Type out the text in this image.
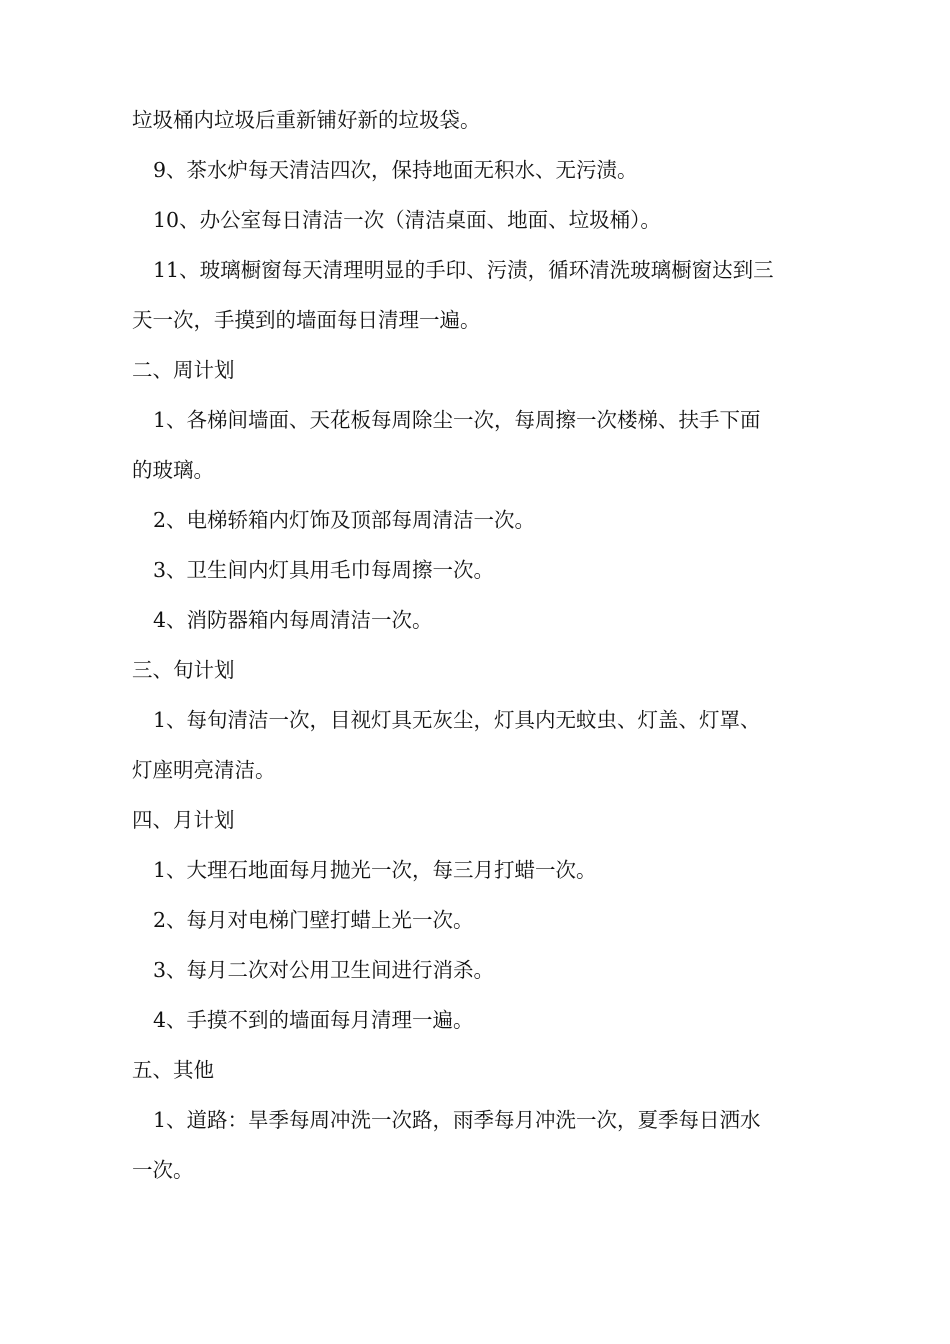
垃圾桶内垃圾后重新铺好新的垃圾袋。
9、茶水炉每天清洁四次，保持地面无积水、无污渍。
10、办公室每日清洁一次（清洁桌面、地面、垃圾桶）。
11、玻璃橱窗每天清理明显的手印、污渍，循环清洗玻璃橱窗达到三
天一次，手摸到的墙面每日清理一遍。
二、周计划
1、各梯间墙面、天花板每周除尘一次，每周擦一次楼梯、扶手下面
的玻璃。
2、电梯轿箱内灯饰及顶部每周清洁一次。
3、卫生间内灯具用毛巾每周擦一次。
4、消防器箱内每周清洁一次。
三、旬计划
1、每旬清洁一次，目视灯具无灰尘，灯具内无蚊虫、灯盖、灯罩、
灯座明亮清洁。
四、月计划
1、大理石地面每月抛光一次，每三月打蜡一次。
2、每月对电梯门壁打蜡上光一次。
3、每月二次对公用卫生间进行消杀。
4、手摸不到的墙面每月清理一遍。
五、其他
1、道路：旱季每周冲洗一次路，雨季每月冲洗一次，夏季每日洒水
一次。
